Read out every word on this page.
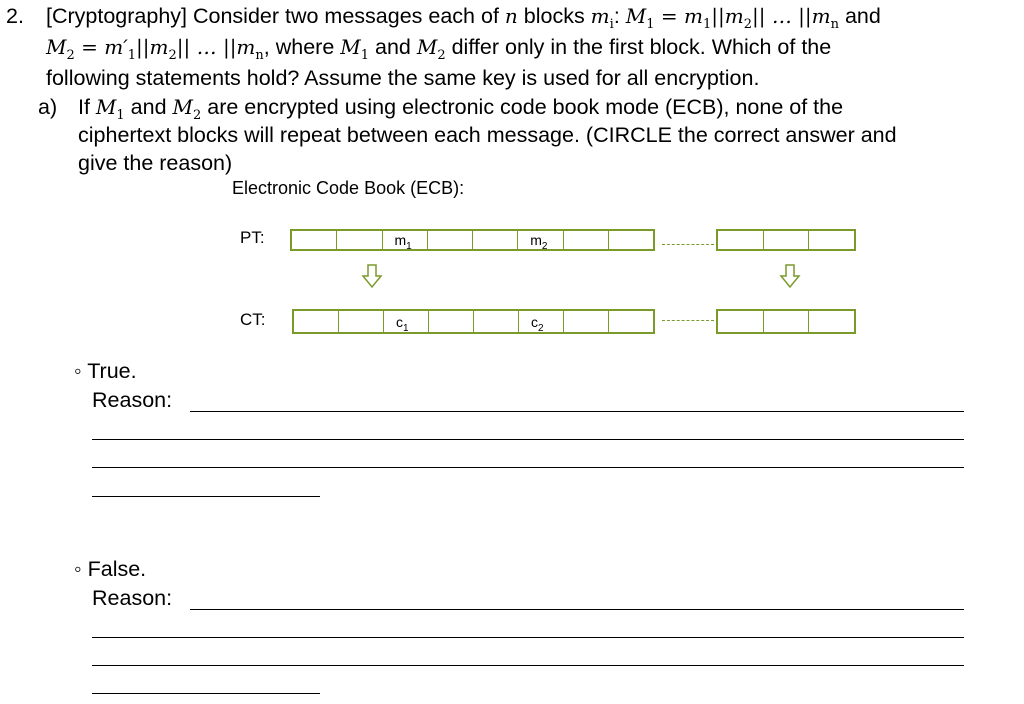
2.	[Cryptography] Consider two messages each of n blocks $m_i$: $M_1 = m_1||m_2||$ … $||m_n$ and
$M_2 = m'_1||m_2||$ … $||m_n$, where $M_1$ and $M_2$ differ only in the first block. Which of the
following statements hold? Assume the same key is used for all encryption.
a) If $M_1$ and $M_2$ are encrypted using electronic code book mode (ECB), none of the
ciphertext blocks will repeat between each message. (CIRCLE the correct answer and
give the reason)
Electronic Code Book (ECB):
PT:
CT:
$m_1$	$m_2$
$c_1$	$c_2$
◦ True.
Reason:
◦ False.
Reason:
